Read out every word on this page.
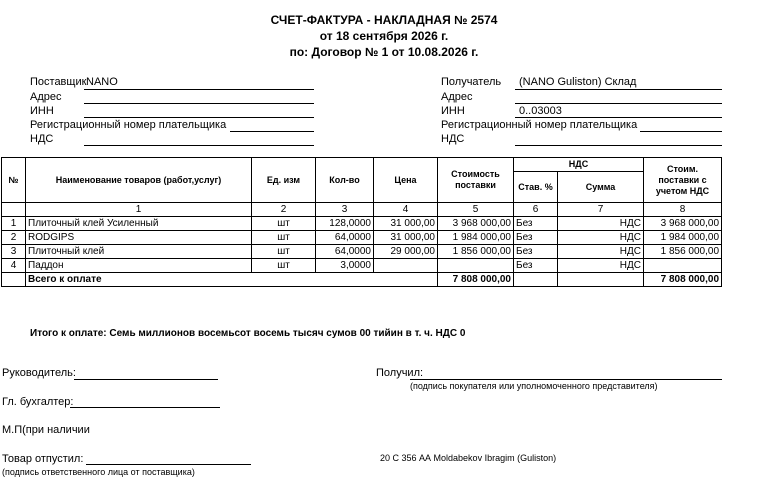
СЧЕТ-ФАКТУРА - НАКЛАДНАЯ № 2574
от 18 сентября 2026 г.
по: Договор № 1 от 10.08.2026 г.
Поставщик NANO
Адрес
ИНН
Регистрационный номер плательщика
НДС
Получатель (NANO Guliston) Склад
Адрес
ИНН	0..03003
Регистрационный номер плательщика
НДС
№	Наименование товаров (работ,услуг)	Ед. изм	Кол-во	Цена	Стоимость поставки	НДС		Стоим. поставки с учетом НДС
						Став. %	Сумма	
	1	2	3	4	5	6	7	8
1	Плиточный клей Усиленный	шт	128,0000	31 000,00	3 968 000,00	Без	НДС	3 968 000,00
2	RODGIPS	шт	64,0000	31 000,00	1 984 000,00	Без	НДС	1 984 000,00
3	Плиточный клей	шт	64,0000	29 000,00	1 856 000,00	Без	НДС	1 856 000,00
4	Паддон	шт	3,0000			Без	НДС	
	Всего к оплате				7 808 000,00			7 808 000,00
Итого к оплате: Семь миллионов восемьсот восемь тысяч сумов 00 тийин в т. ч. НДС 0
Руководитель:
Гл. бухгалтер:
М.П(при наличии
Товар отпустил:
(подпись ответственного лица от поставщика)
Получил:
(подпись покупателя или уполномоченного представителя)
20 С 356 АА Moldabekov Ibragim (Guliston)
